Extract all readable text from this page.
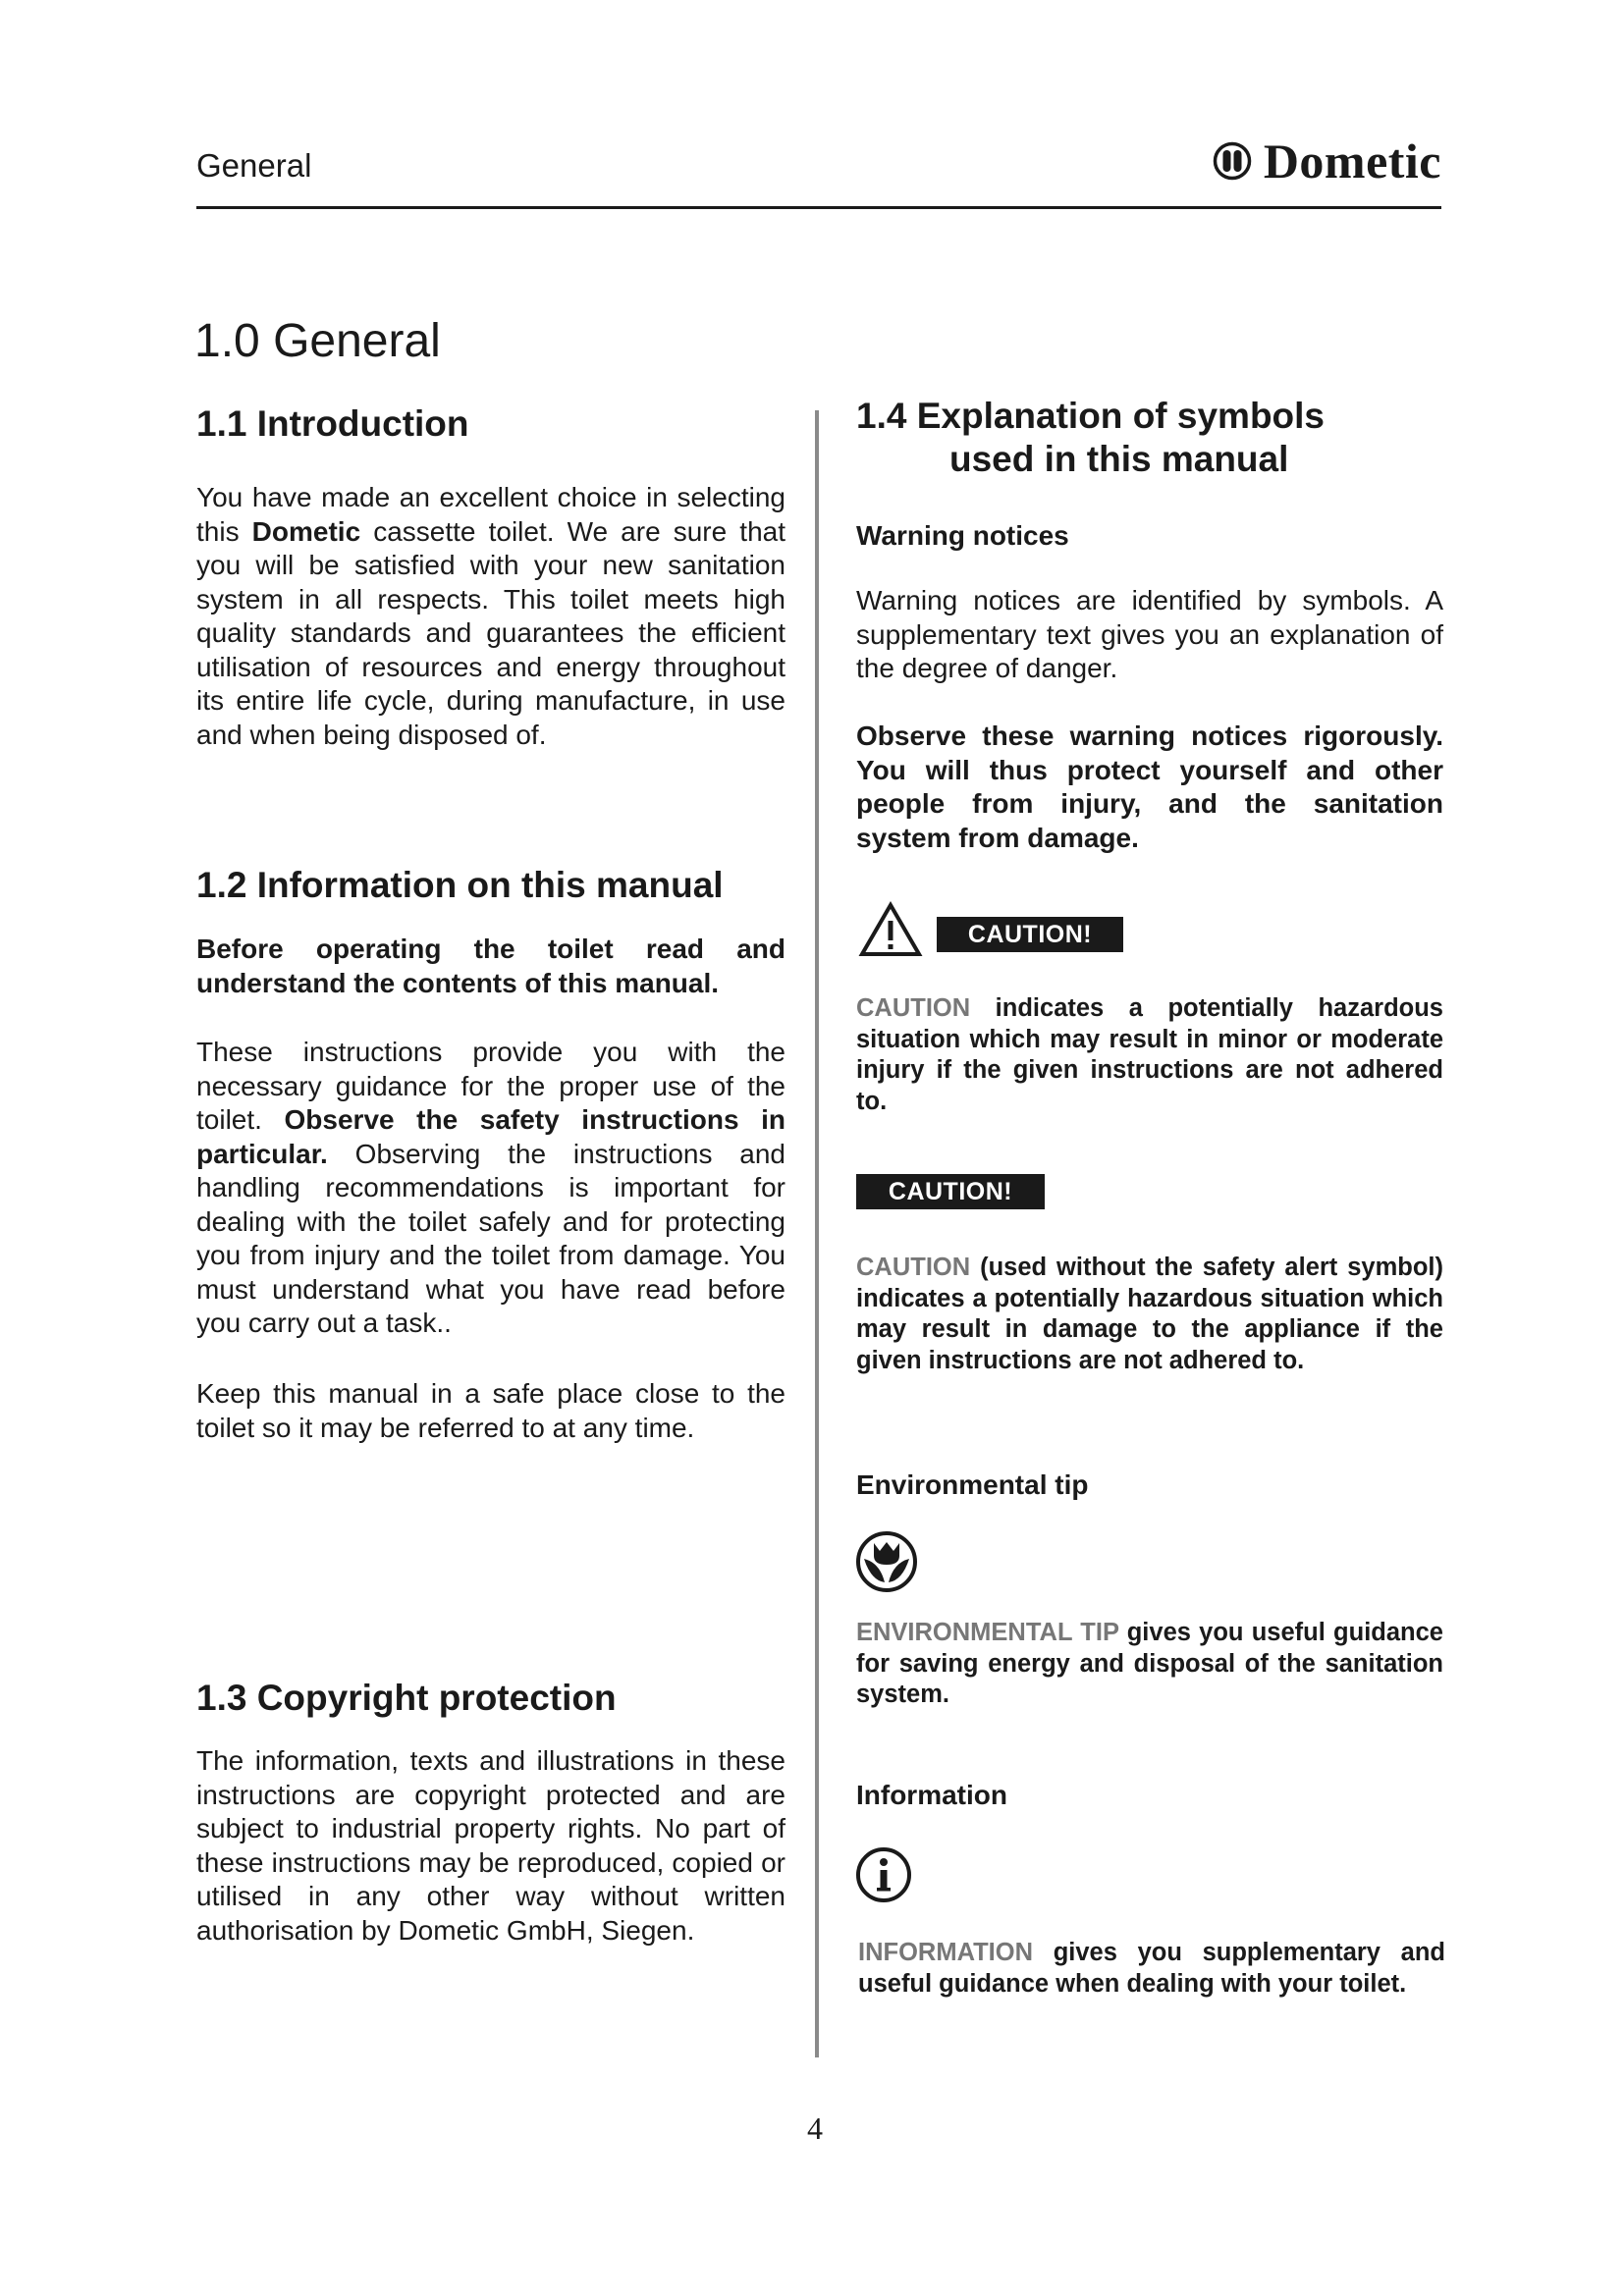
General	Dometic
1.0 General
1.1 Introduction

You have made an excellent choice in selecting this Dometic cassette toilet. We are sure that you will be satisfied with your new sanitation system in all respects. This toilet meets high quality standards and guarantees the efficient utilisation of resources and energy throughout its entire life cycle, during manufacture, in use and when being disposed of.

1.2 Information on this manual

Before operating the toilet read and understand the contents of this manual.

These instructions provide you with the necessary guidance for the proper use of the toilet. Observe the safety instructions in particular. Observing the instructions and handling recommendations is important for dealing with the toilet safely and for protecting you from injury and the toilet from damage. You must understand what you have read before you carry out a task..

Keep this manual in a safe place close to the toilet so it may be referred to at any time.

1.3 Copyright protection

The information, texts and illustrations in these instructions are copyright protected and are subject to industrial property rights. No part of these instructions may be reproduced, copied or utilised in any other way without written authorisation by Dometic GmbH, Siegen.

1.4 Explanation of symbols
used in this manual
Warning notices

Warning notices are identified by symbols. A supplementary text gives you an explanation of the degree of danger.

Observe these warning notices rigorously. You will thus protect yourself and other people from injury, and the sanitation system from damage.

CAUTION!

CAUTION indicates a potentially hazardous situation which may result in minor or moderate injury if the given instructions are not adhered to.

CAUTION!

CAUTION (used without the safety alert symbol) indicates a potentially hazardous situation which may result in damage to the appliance if the given instructions are not adhered to.

Environmental tip

ENVIRONMENTAL TIP gives you useful guidance for saving energy and disposal of the sanitation system.

Information

INFORMATION gives you supplementary and useful guidance when dealing with your toilet.

4
